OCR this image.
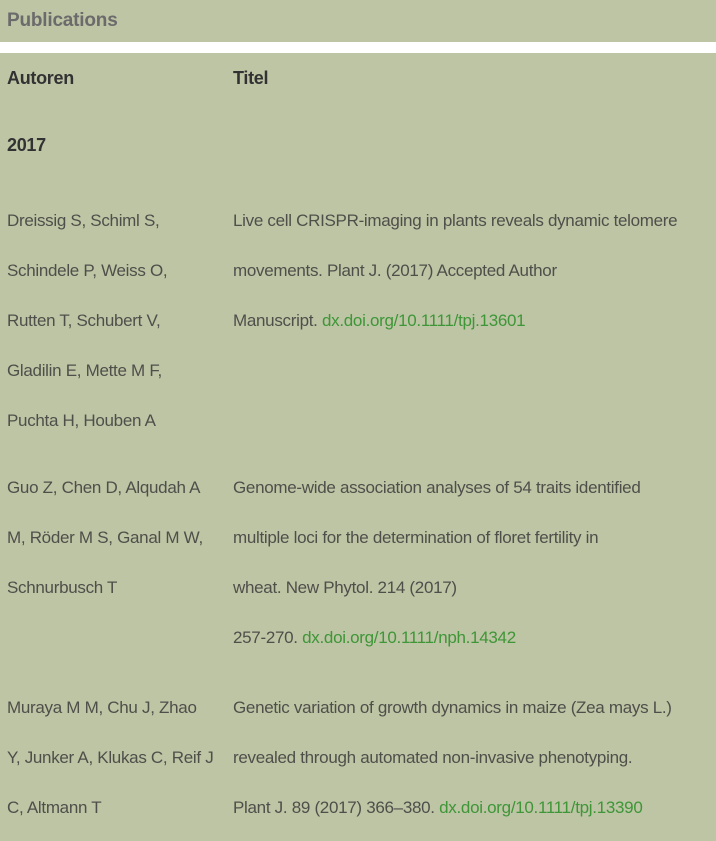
Publications
Autoren	Titel
2017
Dreissig S, Schiml S,
Schindele P, Weiss O,
Rutten T, Schubert V,
Gladilin E, Mette M F,
Puchta H, Houben A
Live cell CRISPR-imaging in plants reveals dynamic telomere
movements. Plant J. (2017) Accepted Author
Manuscript. dx.doi.org/10.1111/tpj.13601
Guo Z, Chen D, Alqudah A
M, Röder M S, Ganal M W,
Schnurbusch T
Genome-wide association analyses of 54 traits identified
multiple loci for the determination of floret fertility in
wheat. New Phytol. 214 (2017)
257-270. dx.doi.org/10.1111/nph.14342
Muraya M M, Chu J, Zhao
Y, Junker A, Klukas C, Reif J
C, Altmann T
Genetic variation of growth dynamics in maize (Zea mays L.)
revealed through automated non-invasive phenotyping.
Plant J. 89 (2017) 366–380. dx.doi.org/10.1111/tpj.13390
